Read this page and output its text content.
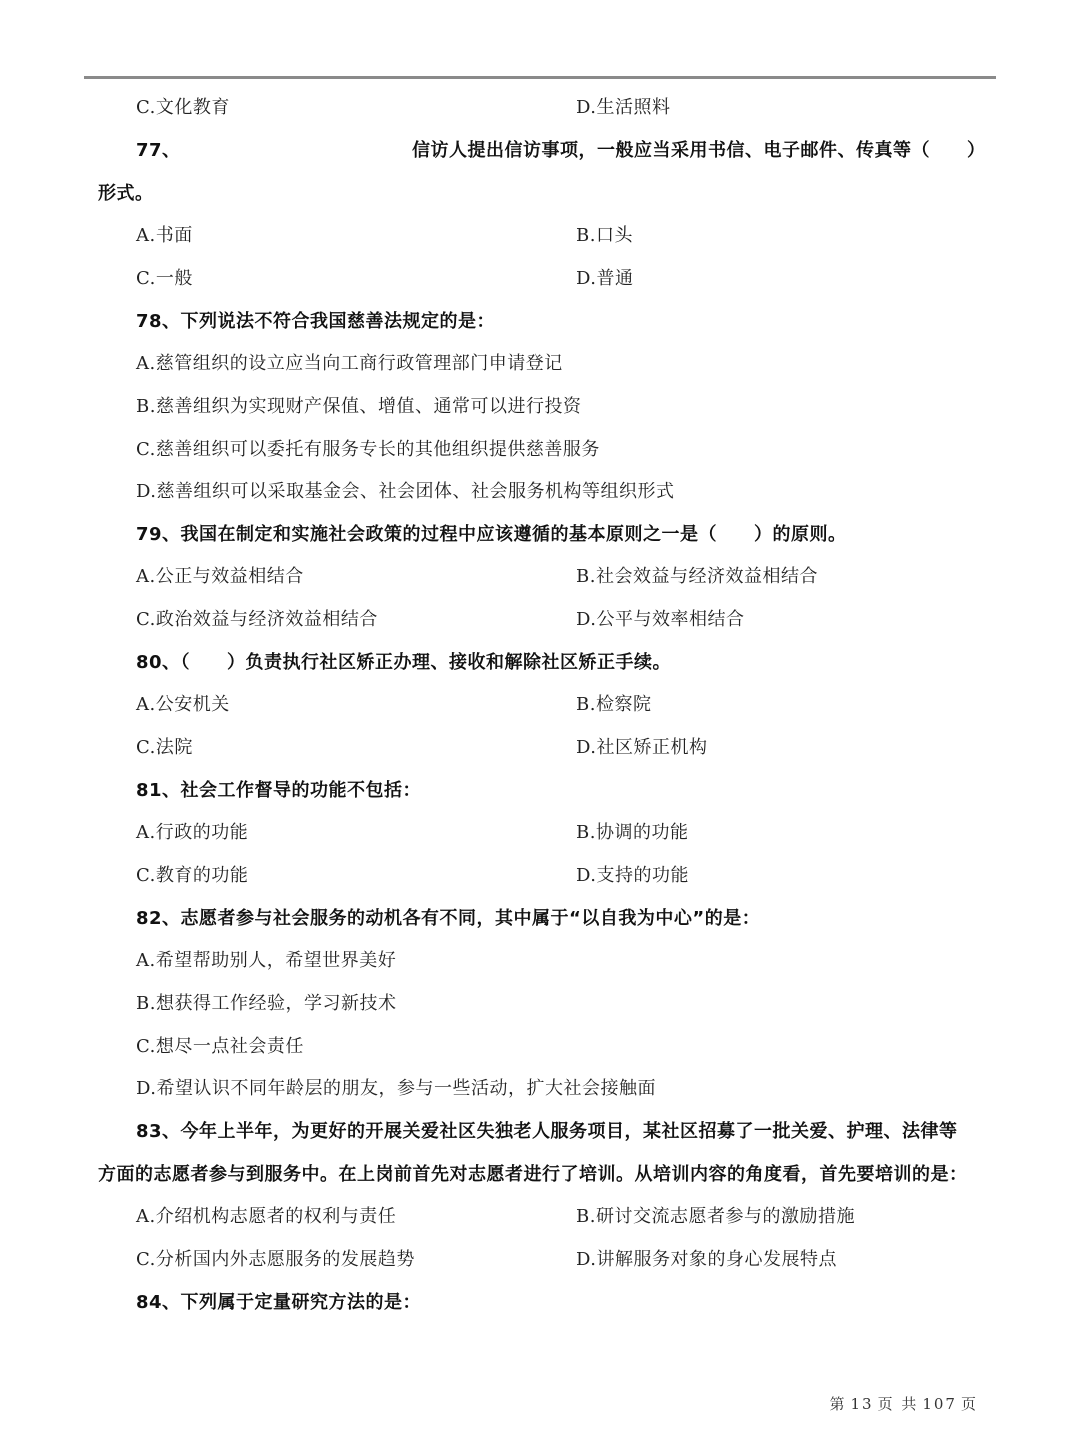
C.文化教育	D.生活照料
77、	信访人提出信访事项，一般应当采用书信、电子邮件、传真等（　　）
形式。
A.书面	B.口头
C.一般	D.普通
78、下列说法不符合我国慈善法规定的是：
A.慈管组织的设立应当向工商行政管理部门申请登记
B.慈善组织为实现财产保值、增值、通常可以进行投资
C.慈善组织可以委托有服务专长的其他组织提供慈善服务
D.慈善组织可以采取基金会、社会团体、社会服务机构等组织形式
79、我国在制定和实施社会政策的过程中应该遵循的基本原则之一是（　　）的原则。
A.公正与效益相结合	B.社会效益与经济效益相结合
C.政治效益与经济效益相结合	D.公平与效率相结合
80、（　　）负责执行社区矫正办理、接收和解除社区矫正手续。
A.公安机关	B.检察院
C.法院	D.社区矫正机构
81、社会工作督导的功能不包括：
A.行政的功能	B.协调的功能
C.教育的功能	D.支持的功能
82、志愿者参与社会服务的动机各有不同，其中属于“以自我为中心”的是：
A.希望帮助别人，希望世界美好
B.想获得工作经验，学习新技术
C.想尽一点社会责任
D.希望认识不同年龄层的朋友，参与一些活动，扩大社会接触面
83、今年上半年，为更好的开展关爱社区失独老人服务项目，某社区招募了一批关爱、护理、法律等
方面的志愿者参与到服务中。在上岗前首先对志愿者进行了培训。从培训内容的角度看，首先要培训的是：
A.介绍机构志愿者的权利与责任	B.研讨交流志愿者参与的激励措施
C.分析国内外志愿服务的发展趋势	D.讲解服务对象的身心发展特点
84、下列属于定量研究方法的是：
第 13 页 共 107 页
